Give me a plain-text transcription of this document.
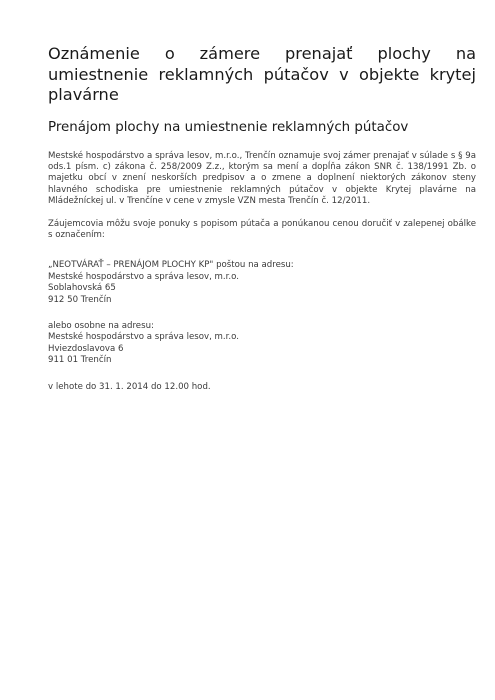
Oznámenie o zámere prenajať plochy na umiestnenie reklamných pútačov v objekte krytej plavárne
Prenájom plochy na umiestnenie reklamných pútačov

Mestské hospodárstvo a správa lesov, m.r.o., Trenčín oznamuje svoj zámer prenajať v súlade s § 9a ods.1 písm. c) zákona č. 258/2009 Z.z., ktorým sa mení a dopĺňa zákon SNR č. 138/1991 Zb. o majetku obcí v znení neskorších predpisov a o zmene a doplnení niektorých zákonov steny hlavného schodiska pre umiestnenie reklamných pútačov v objekte Krytej plavárne na Mládežníckej ul. v Trenčíne v cene v zmysle VZN mesta Trenčín č. 12/2011.

Záujemcovia môžu svoje ponuky s popisom pútača a ponúkanou cenou doručiť v zalepenej obálke s označením:

„NEOTVÁRAŤ – PRENÁJOM PLOCHY KP" poštou na adresu:
Mestské hospodárstvo a správa lesov, m.r.o.
Soblahovská 65
912 50 Trenčín
alebo osobne na adresu:
Mestské hospodárstvo a správa lesov, m.r.o.
Hviezdoslavova 6
911 01 Trenčín

v lehote do 31. 1. 2014 do 12.00 hod.
